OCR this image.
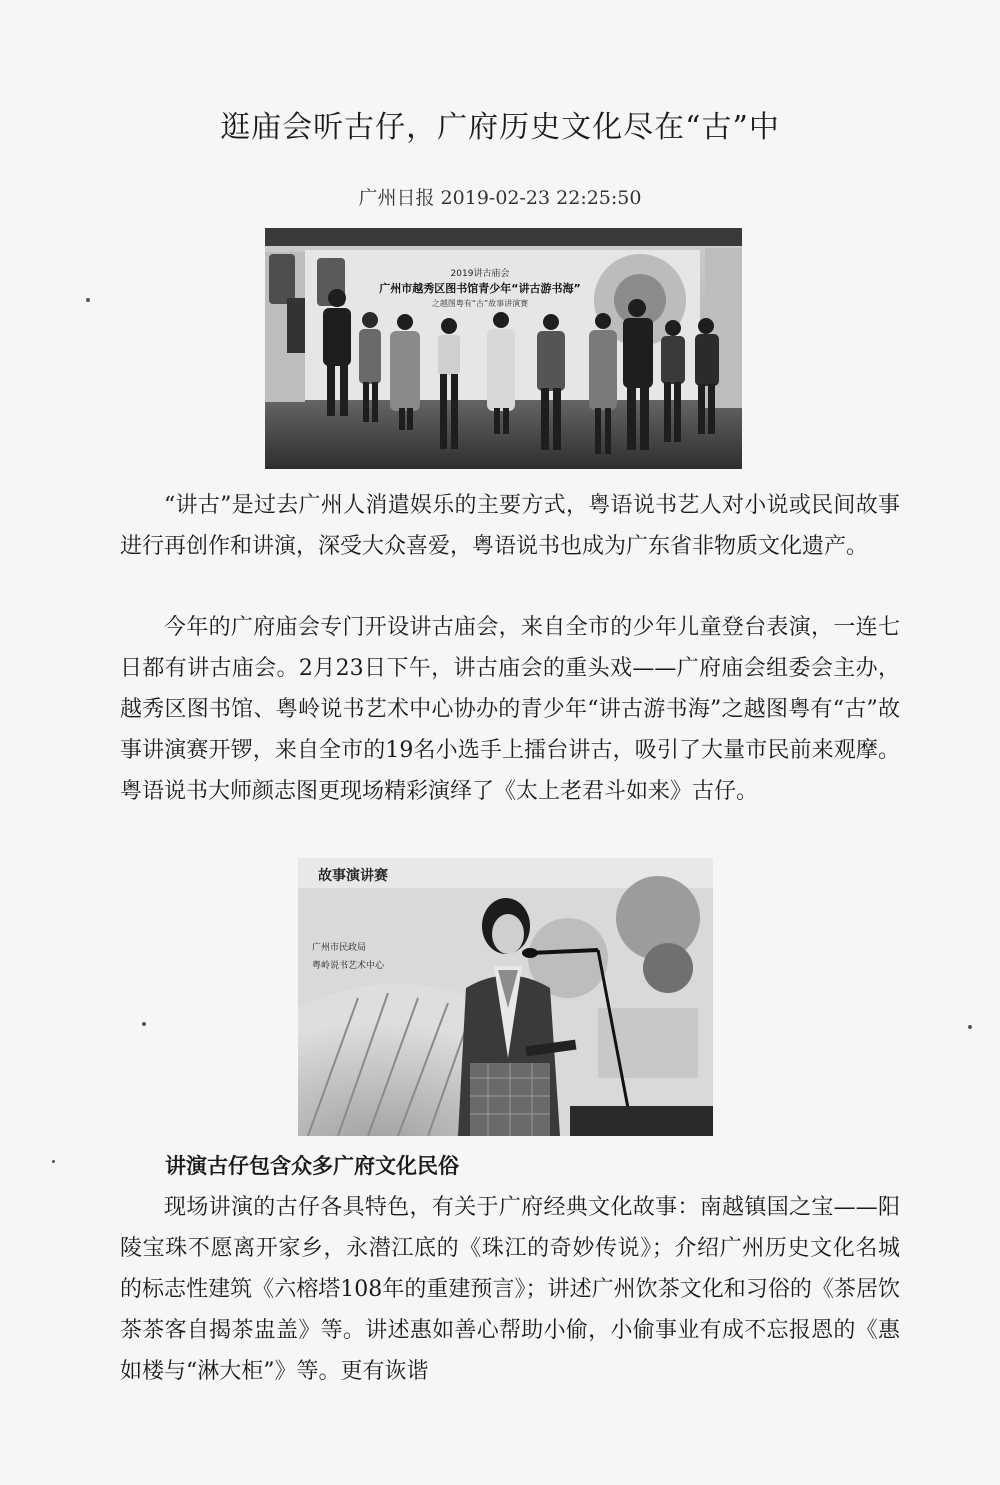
逛庙会听古仔，广府历史文化尽在“古”中
广州日报 2019-02-23 22:25:50
2019讲古庙会
广州市越秀区图书馆青少年“讲古游书海”
之越图粤有“古”故事讲演赛

“讲古”是过去广州人消遣娱乐的主要方式，粤语说书艺人对小说或民间故事进行再创作和讲演，深受大众喜爱，粤语说书也成为广东省非物质文化遗产。

今年的广府庙会专门开设讲古庙会，来自全市的少年儿童登台表演，一连七日都有讲古庙会。2月23日下午，讲古庙会的重头戏——广府庙会组委会主办，越秀区图书馆、粤岭说书艺术中心协办的青少年“讲古游书海”之越图粤有“古”故事讲演赛开锣，来自全市的19名小选手上擂台讲古，吸引了大量市民前来观摩。粤语说书大师颜志图更现场精彩演绎了《太上老君斗如来》古仔。

故事演讲赛
广州市民政局
粤岭说书艺术中心
讲演古仔包含众多广府文化民俗

现场讲演的古仔各具特色，有关于广府经典文化故事：南越镇国之宝——阳陵宝珠不愿离开家乡，永潜江底的《珠江的奇妙传说》；介绍广州历史文化名城的标志性建筑《六榕塔108年的重建预言》；讲述广州饮茶文化和习俗的《茶居饮茶茶客自揭茶盅盖》等。讲述惠如善心帮助小偷，小偷事业有成不忘报恩的《惠如楼与“淋大柜”》等。更有诙谐
